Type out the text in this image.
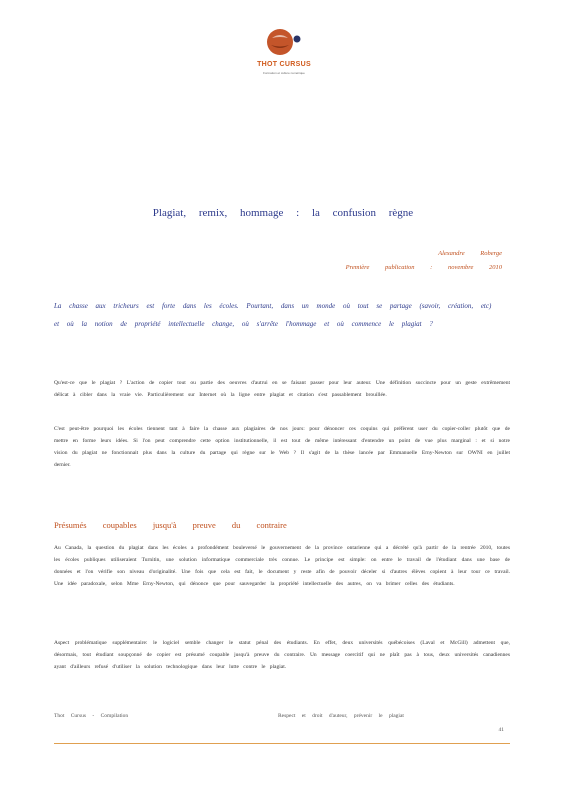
THOT CURSUS
Formation et culture numérique
Plagiat, remix, hommage : la confusion règne
Alexandre Roberge
Première publication : novembre 2010
La chasse aux tricheurs est forte dans les écoles. Pourtant, dans un monde où tout se partage (savoir, création, etc) et où la notion de propriété intellectuelle change, où s'arrête l'hommage et où commence le plagiat ?
Qu'est-ce que le plagiat ? L'action de copier tout ou partie des oeuvres d'autrui en se faisant passer pour leur auteur. Une définition succincte pour un geste extrêmement délicat à cibler dans la vraie vie. Particulièrement sur Internet où la ligne entre plagiat et citation s'est passablement brouillée.
C'est peut-être pourquoi les écoles tiennent tant à faire la chasse aux plagiaires de nos jours: pour dénoncer ces coquins qui préfèrent user du copier-coller plutôt que de mettre en forme leurs idées. Si l'on peut comprendre cette option institutionnelle, il est tout de même intéressant d'entendre un point de vue plus marginal : et si notre vision du plagiat ne fonctionnait plus dans la culture du partage qui règne sur le Web ? Il s'agit de la thèse lancée par Emmanuelle Erny-Newton sur OWNI en juillet dernier.
Présumés coupables jusqu'à preuve du contraire
Au Canada, la question du plagiat dans les écoles a profondément bouleversé le gouvernement de la province ontarienne qui a décrété qu'à partir de la rentrée 2010, toutes les écoles publiques utiliseraient Turnitin, une solution informatique commerciale très connue. Le principe est simple: on entre le travail de l'étudiant dans une base de données et l'on vérifie son niveau d'originalité. Une fois que cela est fait, le document y reste afin de pouvoir déceler si d'autres élèves copient à leur tour ce travail. Une idée paradoxale, selon Mme Erny-Newton, qui dénonce que pour sauvegarder la propriété intellectuelle des autres, on va brimer celles des étudiants.
Aspect problématique supplémentaire: le logiciel semble changer le statut pénal des étudiants. En effet, deux universités québécoises (Laval et McGill) admettent que, désormais, tout étudiant soupçonné de copier est présumé coupable jusqu'à preuve du contraire. Un message coercitif qui ne plaît pas à tous, deux universités canadiennes ayant d'ailleurs refusé d'utiliser la solution technologique dans leur lutte contre le plagiat.
Thot Cursus - Compilation	Respect et droit d'auteur, prévenir le plagiat
41
